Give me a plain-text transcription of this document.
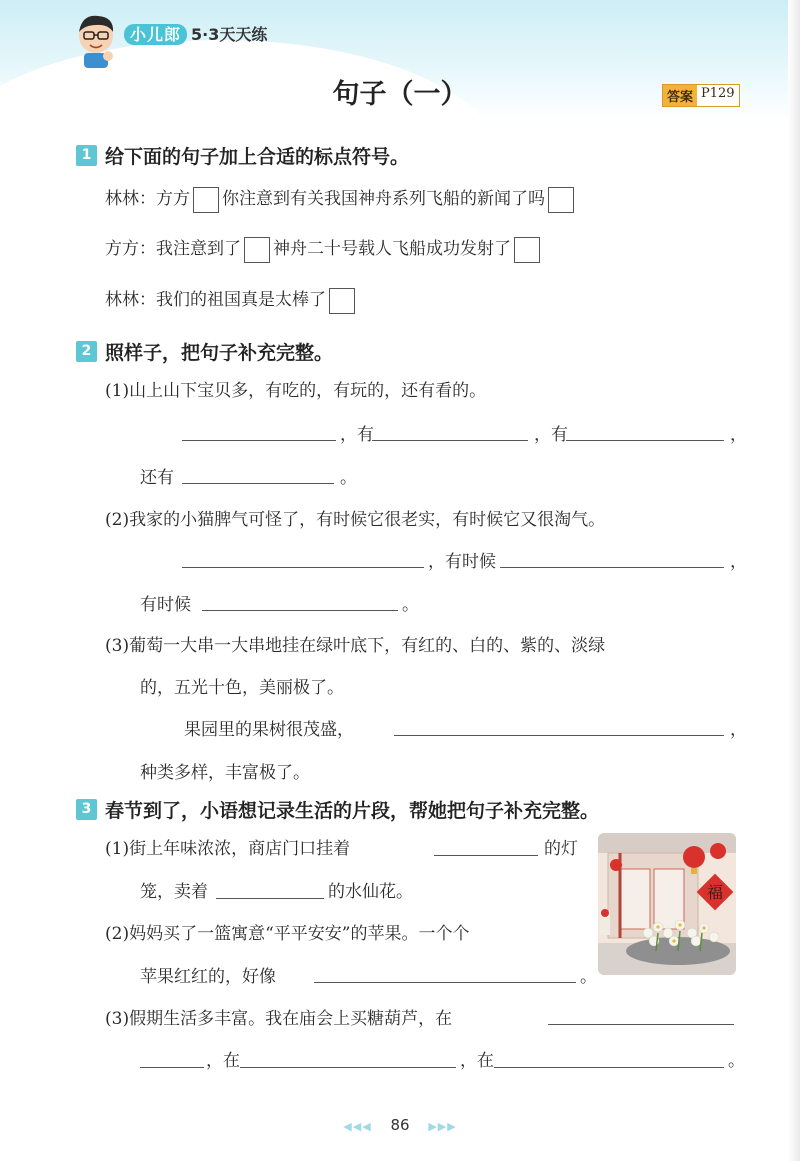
小儿郎 5·3天天练
句子（一）	答案 P129
1 给下面的句子加上合适的标点符号。
林林：方方 你注意到有关我国神舟系列飞船的新闻了吗
方方：我注意到了 神舟二十号载人飞船成功发射了
林林：我们的祖国真是太棒了
2 照样子，把句子补充完整。
(1)山上山下宝贝多，有吃的，有玩的，还有看的。
，有	，有	，
还有	。
(2)我家的小猫脾气可怪了，有时候它很老实，有时候它又很淘气。
，有时候	，
有时候	。
(3)葡萄一大串一大串地挂在绿叶底下，有红的、白的、紫的、淡绿
的，五光十色，美丽极了。
果园里的果树很茂盛，	，
种类多样，丰富极了。
3 春节到了，小语想记录生活的片段，帮她把句子补充完整。
(1)街上年味浓浓，商店门口挂着	的灯
笼，卖着	的水仙花。
(2)妈妈买了一篮寓意“平平安安”的苹果。一个个
苹果红红的，好像	。
(3)假期生活多丰富。我在庙会上买糖葫芦，在
，在	，在	。
福
◀◀◀ 86 ▶▶▶
